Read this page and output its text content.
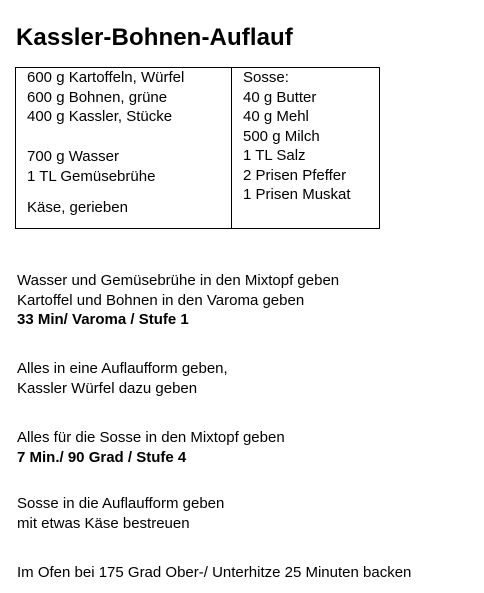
Kassler-Bohnen-Auflauf
600 g Kartoffeln, Würfel
600 g Bohnen, grüne
400 g Kassler, Stücke
700 g Wasser
1 TL Gemüsebrühe
Käse, gerieben
Sosse:
40 g Butter
40 g Mehl
500 g Milch
1 TL Salz
2 Prisen Pfeffer
1 Prisen Muskat
Wasser und Gemüsebrühe in den Mixtopf geben
Kartoffel und Bohnen in den Varoma geben
33 Min/ Varoma / Stufe 1
Alles in eine Auflaufform geben,
Kassler Würfel dazu geben
Alles für die Sosse in den Mixtopf geben
7 Min./ 90 Grad / Stufe 4
Sosse in die Auflaufform geben
mit etwas Käse bestreuen
Im Ofen bei 175 Grad Ober-/ Unterhitze 25 Minuten backen
